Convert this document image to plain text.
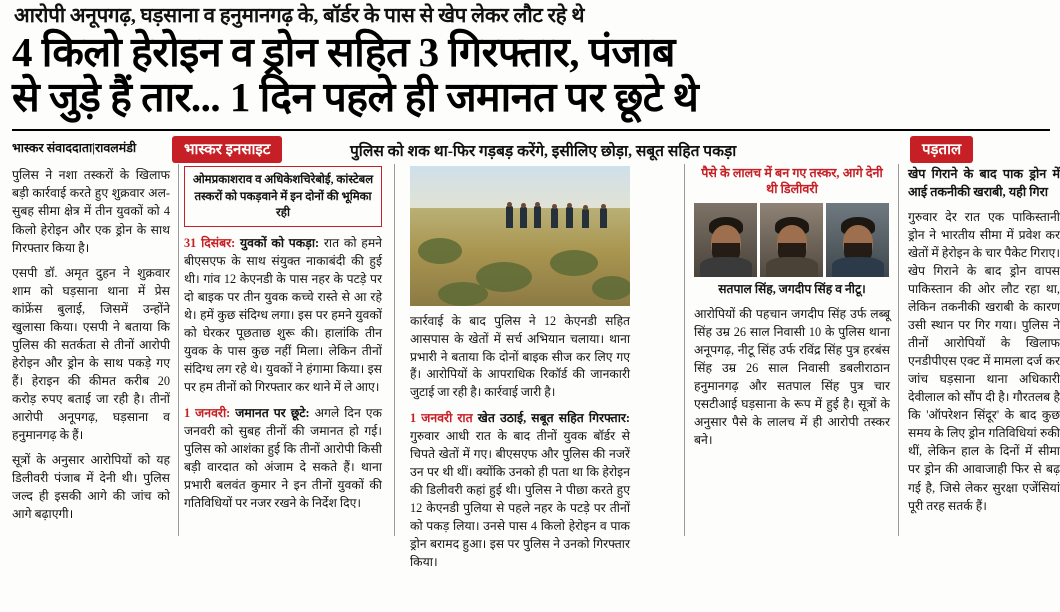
आरोपी अनूपगढ़, घड़साना व हनुमानगढ़ के, बॉर्डर के पास से खेप लेकर लौट रहे थे
4 किलो हेरोइन व ड्रोन सहित 3 गिरफ्तार, पंजाब
से जुड़े हैं तार... 1 दिन पहले ही जमानत पर छूटे थे
भास्कर संवाददाता|रावलमंडी	भास्कर इनसाइट	पुलिस को शक था-फिर गड़बड़ करेंगे, इसीलिए छोड़ा, सबूत सहित पकड़ा	पड़ताल

पुलिस ने नशा तस्करों के खिलाफ बड़ी कार्रवाई करते हुए शुक्रवार अल-सुबह सीमा क्षेत्र में तीन युवकों को 4 किलो हेरोइन और एक ड्रोन के साथ गिरफ्तार किया है।

एसपी डॉ. अमृत दुहन ने शुक्रवार शाम को घड़साना थाना में प्रेस कांफ्रेंस बुलाई, जिसमें उन्होंने खुलासा किया। एसपी ने बताया कि पुलिस की सतर्कता से तीनों आरोपी हेरोइन और ड्रोन के साथ पकड़े गए हैं। हेराइन की कीमत करीब 20 करोड़ रुपए बताई जा रही है। तीनों आरोपी अनूपगढ़, घड़साना व हनुमानगढ़ के हैं।

सूत्रों के अनुसार आरोपियों को यह डिलीवरी पंजाब में देनी थी। पुलिस जल्द ही इसकी आगे की जांच को आगे बढ़ाएगी।

ओमप्रकाशराव व अधिकेशचिरेबोई, कांस्टेबल तस्करों को पकड़वाने में इन दोनों की भूमिका रही

31 दिसंबर: युवकों को पकड़ा: रात को हमने बीएसएफ के साथ संयुक्त नाकाबंदी की हुई थी। गांव 12 केएनडी के पास नहर के पटड़े पर दो बाइक पर तीन युवक कच्चे रास्ते से आ रहे थे। हमें कुछ संदिग्ध लगा। इस पर हमने युवकों को घेरकर पूछताछ शुरू की। हालांकि तीन युवक के पास कुछ नहीं मिला। लेकिन तीनों संदिग्ध लग रहे थे। युवकों ने हंगामा किया। इस पर हम तीनों को गिरफ्तार कर थाने में ले आए।

1 जनवरी: जमानत पर छूटे: अगले दिन एक जनवरी को सुबह तीनों की जमानत हो गई। पुलिस को आशंका हुई कि तीनों आरोपी किसी बड़ी वारदात को अंजाम दे सकते हैं। थाना प्रभारी बलवंत कुमार ने इन तीनों युवकों की गतिविधियों पर नजर रखने के निर्देश दिए।

कार्रवाई के बाद पुलिस ने 12 केएनडी सहित आसपास के खेतों में सर्च अभियान चलाया। थाना प्रभारी ने बताया कि दोनों बाइक सीज कर लिए गए हैं। आरोपियों के आपराधिक रिकॉर्ड की जानकारी जुटाई जा रही है। कार्रवाई जारी है।

1 जनवरी रात खेत उठाई, सबूत सहित गिरफ्तार: गुरुवार आधी रात के बाद तीनों युवक बॉर्डर से चिपते खेतों में गए। बीएसएफ और पुलिस की नजरें उन पर थी थीं। क्योंकि उनको ही पता था कि हेरोइन की डिलीवरी कहां हुई थी। पुलिस ने पीछा करते हुए 12 केएनडी पुलिया से पहले नहर के पटड़े पर तीनों को पकड़ लिया। उनसे पास 4 किलो हेरोइन व पाक ड्रोन बरामद हुआ। इस पर पुलिस ने उनको गिरफ्तार किया।

पैसे के लालच में बन गए तस्कर, आगे देनी थी डिलीवरी
सतपाल सिंह, जगदीप सिंह व नीटू।

आरोपियों की पहचान जगदीप सिंह उर्फ लब्बू सिंह उम्र 26 साल निवासी 10 के पुलिस थाना अनूपगढ़, नीटू सिंह उर्फ रविंद्र सिंह पुत्र हरबंस सिंह उम्र 26 साल निवासी डबलीराठान हनुमानगढ़ और सतपाल सिंह पुत्र चार एसटीआई घड़साना के रूप में हुई है। सूत्रों के अनुसार पैसे के लालच में ही आरोपी तस्कर बने।

खेप गिराने के बाद पाक ड्रोन में आई तकनीकी खराबी, यही गिरा

गुरुवार देर रात एक पाकिस्तानी ड्रोन ने भारतीय सीमा में प्रवेश कर खेतों में हेरोइन के चार पैकेट गिराए। खेप गिराने के बाद ड्रोन वापस पाकिस्तान की ओर लौट रहा था, लेकिन तकनीकी खराबी के कारण उसी स्थान पर गिर गया। पुलिस ने तीनों आरोपियों के खिलाफ एनडीपीएस एक्ट में मामला दर्ज कर जांच घड़साना थाना अधिकारी देवीलाल को सौंप दी है। गौरतलब है कि 'ऑपरेशन सिंदूर' के बाद कुछ समय के लिए ड्रोन गतिविधियां रुकी थीं, लेकिन हाल के दिनों में सीमा पर ड्रोन की आवाजाही फिर से बढ़ गई है, जिसे लेकर सुरक्षा एजेंसियां पूरी तरह सतर्क हैं।
